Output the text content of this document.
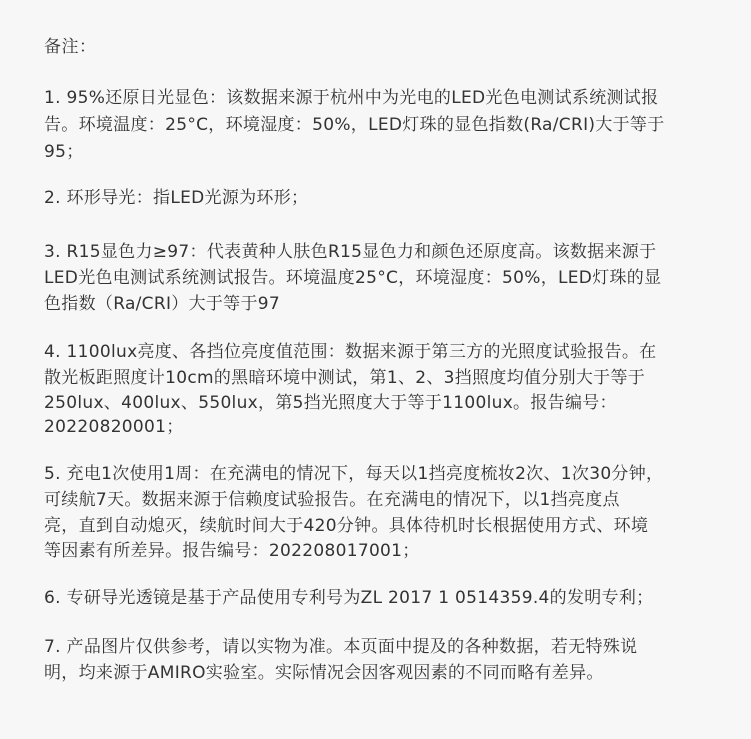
备注：
1. 95%还原日光显色：该数据来源于杭州中为光电的LED光色电测试系统测试报
告。环境温度：25°C，环境湿度：50%，LED灯珠的显色指数(Ra/CRI)大于等于
95；
2. 环形导光：指LED光源为环形；
3. R15显色力≥97：代表黄种人肤色R15显色力和颜色还原度高。该数据来源于
LED光色电测试系统测试报告。环境温度25°C，环境湿度：50%，LED灯珠的显
色指数（Ra/CRI）大于等于97
4. 1100lux亮度、各挡位亮度值范围：数据来源于第三方的光照度试验报告。在
散光板距照度计10cm的黑暗环境中测试，第1、2、3挡照度均值分别大于等于
250lux、400lux、550lux，第5挡光照度大于等于1100lux。报告编号：
20220820001；
5. 充电1次使用1周：在充满电的情况下，每天以1挡亮度梳妆2次、1次30分钟，
可续航7天。数据来源于信赖度试验报告。在充满电的情况下，以1挡亮度点
亮，直到自动熄灭，续航时间大于420分钟。具体待机时长根据使用方式、环境
等因素有所差异。报告编号：202208017001；
6. 专研导光透镜是基于产品使用专利号为ZL 2017 1 0514359.4的发明专利；
7. 产品图片仅供参考，请以实物为准。本页面中提及的各种数据，若无特殊说
明，均来源于AMIRO实验室。实际情况会因客观因素的不同而略有差异。
